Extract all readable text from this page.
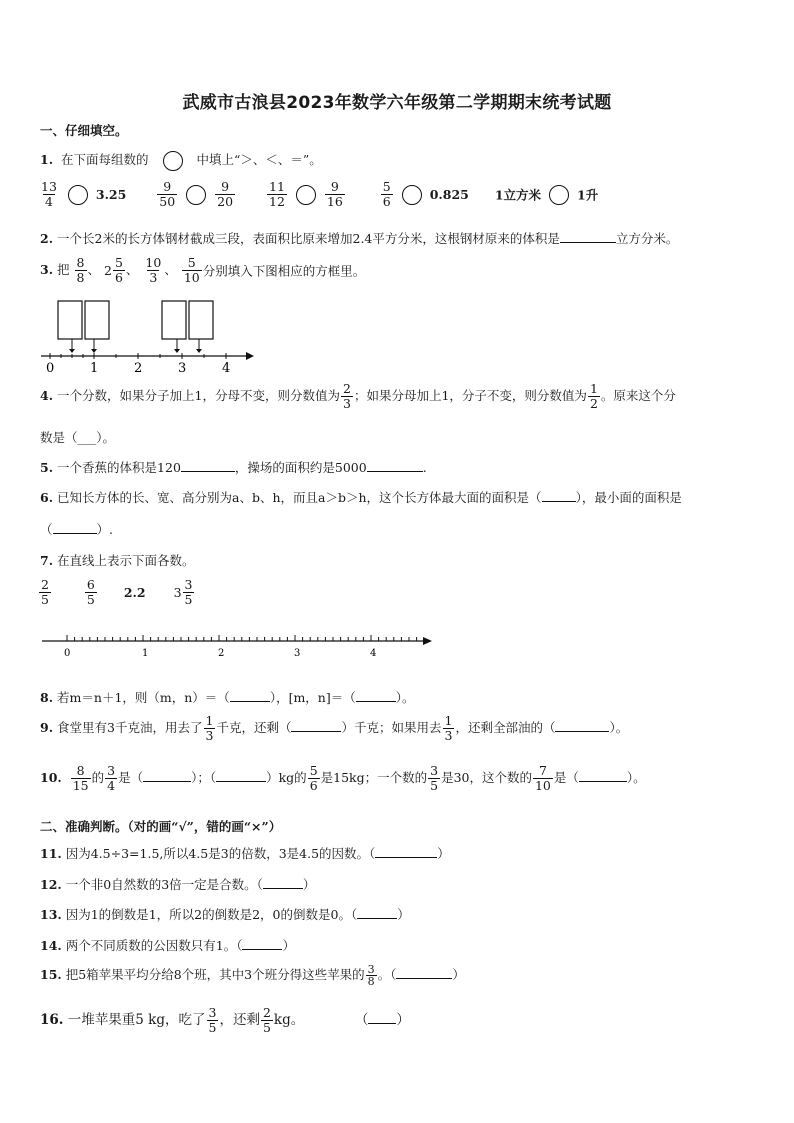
武威市古浪县2023年数学六年级第二学期期末统考试题
一、仔细填空。
1. 在下面每组数的	中填上“＞、＜、＝”。
$\frac{13}{4}$	$3.25 \frac{9}{50}$
	$\frac{9}{20}$
	$\frac{11}{12}$
	$\frac{9}{16}$
	$\frac{5}{6}$	0.825 1立方米	1升
2. 一个长2米的长方体钢材截成三段，表面积比原来增加2.4平方分米，这根钢材原来的体积是	立方分米。
3. 把 $\frac{8}{8}$ 、 $2 \frac{5}{6}$ 、 $\frac{10}{3}$ 、 $\frac{5}{10}$ 分别填入下图相应的方框里。
0	1	2	3	4
4. 一个分数，如果分子加上1，分母不变，则分数值为 $\frac{2}{3}$ ；如果分母加上1，分子不变，则分数值为 $\frac{1}{2}$ 。原来这个分
数是（___）。
5. 一个香蕉的体积是120	，操场的面积约是5000	.
6. 已知长方体的长、宽、高分别为a、b、h，而且a＞b＞h，这个长方体最大面的面积是（	），最小面的面积是
（	）.
7. 在直线上表示下面各数。
$\frac{2}{5}$
	$\frac{6}{5} 2.2$ $3 \frac{3}{5}$
0	1	2	3	4
8. 若m＝n＋1，则（m，n）＝（	），[m，n]＝（	）。
9. 食堂里有3千克油，用去了 $\frac{1}{3}$ 千克，还剩（	）千克；如果用去 $\frac{1}{3}$ ，还剩全部油的（	）。
10. $\frac{8}{15}$ 的 $\frac{3}{4}$ 是（	）；（	）kg的 $\frac{5}{6}$ 是15kg；一个数的 $\frac{3}{5}$ 是30，这个数的 $\frac{7}{10}$ 是（	）。
二、准确判断。（对的画“√”，错的画“×”）
11. 因为4.5÷3=1.5,所以4.5是3的倍数，3是4.5的因数。（	）
12. 一个非0自然数的3倍一定是合数。（	）
13. 因为1的倒数是1，所以2的倒数是2，0的倒数是0。（	）
14. 两个不同质数的公因数只有1。（	）
15. 把5箱苹果平均分给8个班，其中3个班分得这些苹果的 $\frac{3}{8}$ 。（	）
16. 一堆苹果重5 kg，吃了 $\frac{3}{5}$ ，还剩 $\frac{2}{5}$ kg。	（ ）
